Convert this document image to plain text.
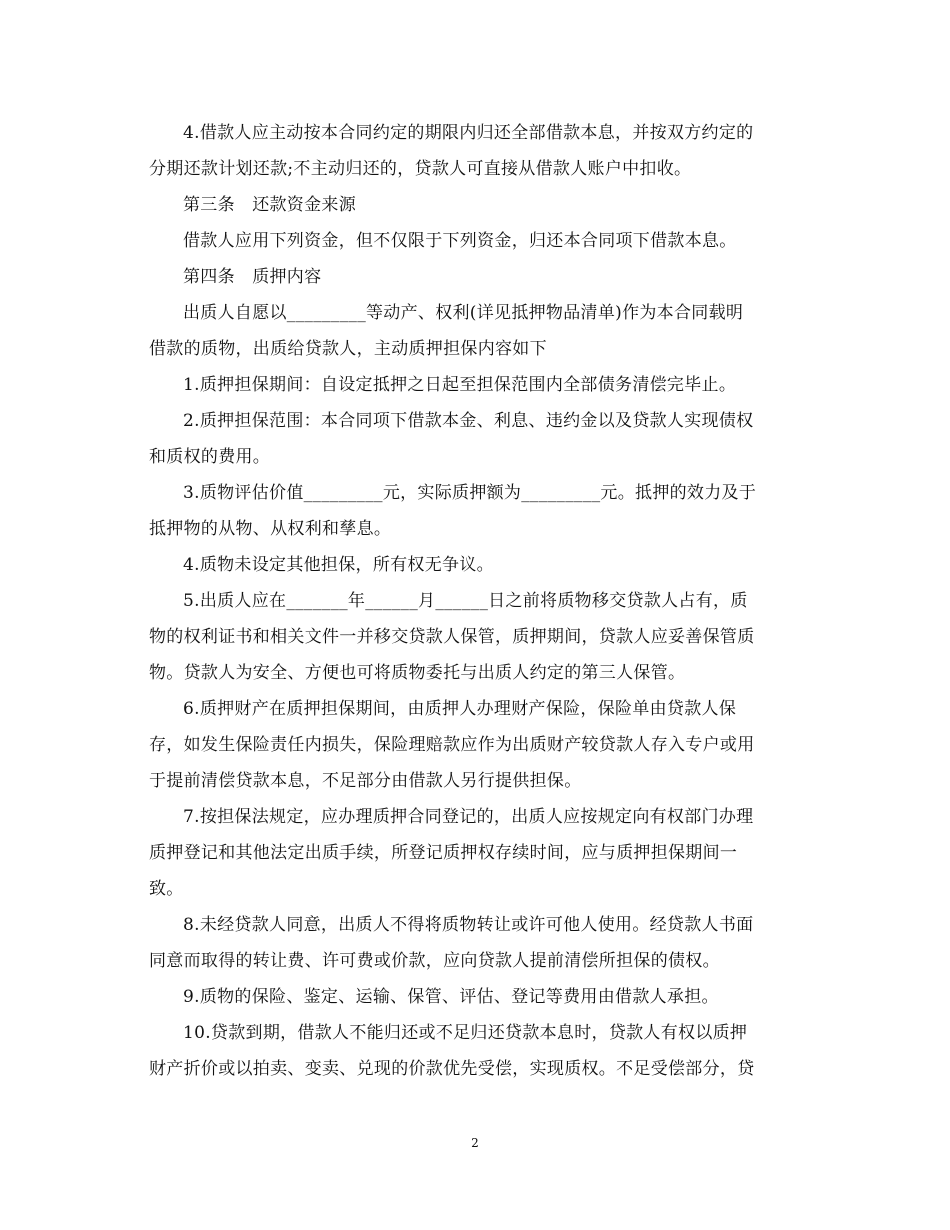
4.借款人应主动按本合同约定的期限内归还全部借款本息，并按双方约定的
分期还款计划还款;不主动归还的，贷款人可直接从借款人账户中扣收。
第三条　还款资金来源
借款人应用下列资金，但不仅限于下列资金，归还本合同项下借款本息。
第四条　质押内容
出质人自愿以_________等动产、权利(详见抵押物品清单)作为本合同载明
借款的质物，出质给贷款人，主动质押担保内容如下
1.质押担保期间：自设定抵押之日起至担保范围内全部债务清偿完毕止。
2.质押担保范围：本合同项下借款本金、利息、违约金以及贷款人实现债权
和质权的费用。
3.质物评估价值_________元，实际质押额为_________元。抵押的效力及于
抵押物的从物、从权利和孳息。
4.质物未设定其他担保，所有权无争议。
5.出质人应在_______年______月______日之前将质物移交贷款人占有，质
物的权利证书和相关文件一并移交贷款人保管，质押期间，贷款人应妥善保管质
物。贷款人为安全、方便也可将质物委托与出质人约定的第三人保管。
6.质押财产在质押担保期间，由质押人办理财产保险，保险单由贷款人保
存，如发生保险责任内损失，保险理赔款应作为出质财产较贷款人存入专户或用
于提前清偿贷款本息，不足部分由借款人另行提供担保。
7.按担保法规定，应办理质押合同登记的，出质人应按规定向有权部门办理
质押登记和其他法定出质手续，所登记质押权存续时间，应与质押担保期间一
致。
8.未经贷款人同意，出质人不得将质物转让或许可他人使用。经贷款人书面
同意而取得的转让费、许可费或价款，应向贷款人提前清偿所担保的债权。
9.质物的保险、鉴定、运输、保管、评估、登记等费用由借款人承担。
10.贷款到期，借款人不能归还或不足归还贷款本息时，贷款人有权以质押
财产折价或以拍卖、变卖、兑现的价款优先受偿，实现质权。不足受偿部分，贷
2
